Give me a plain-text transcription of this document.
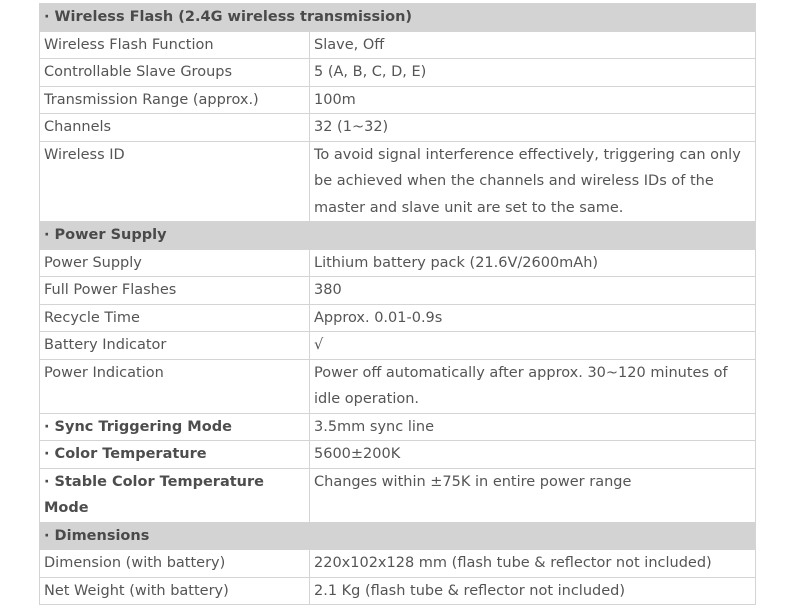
· Wireless Flash (2.4G wireless transmission)	
Wireless Flash Function	Slave, Off
Controllable Slave Groups	5 (A, B, C, D, E)
Transmission Range (approx.)	100m
Channels	32 (1~32)
Wireless ID	To avoid signal interference effectively, triggering can only be achieved when the channels and wireless IDs of the master and slave unit are set to the same.
· Power Supply	
Power Supply	Lithium battery pack (21.6V/2600mAh)
Full Power Flashes	380
Recycle Time	Approx. 0.01-0.9s
Battery Indicator	√
Power Indication	Power off automatically after approx. 30~120 minutes of idle operation.
· Sync Triggering Mode	3.5mm sync line
· Color Temperature	5600±200K
· Stable Color Temperature Mode	Changes within ±75K in entire power range
· Dimensions	
Dimension (with battery)	220x102x128 mm (flash tube & reflector not included)
Net Weight (with battery)	2.1 Kg (flash tube & reflector not included)
